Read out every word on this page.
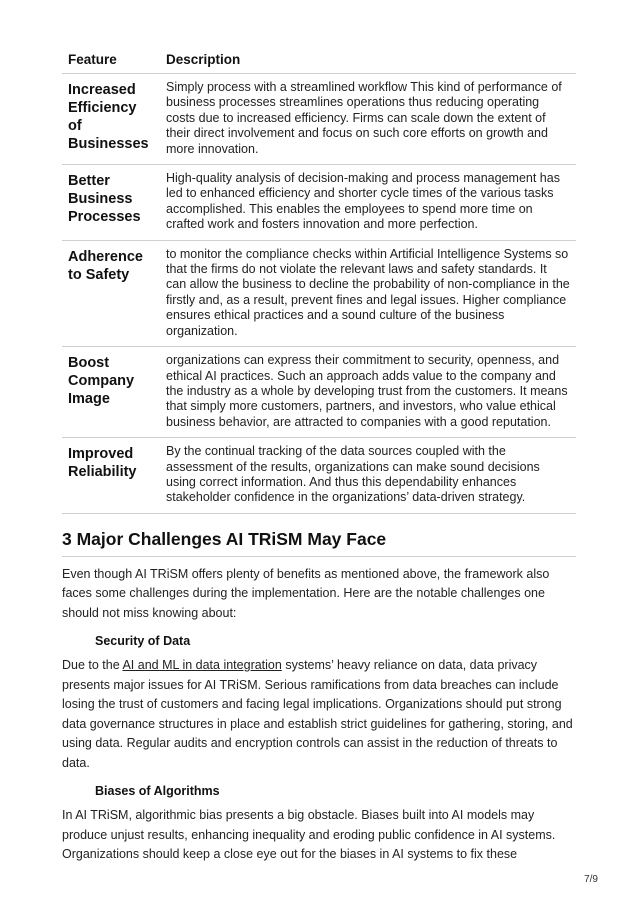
Feature	Description
Increased Efficiency of Businesses	Simply process with a streamlined workflow This kind of performance of business processes streamlines operations thus reducing operating costs due to increased efficiency. Firms can scale down the extent of their direct involvement and focus on such core efforts on growth and more innovation.
Better Business Processes	High-quality analysis of decision-making and process management has led to enhanced efficiency and shorter cycle times of the various tasks accomplished. This enables the employees to spend more time on crafted work and fosters innovation and more perfection.
Adherence to Safety	to monitor the compliance checks within Artificial Intelligence Systems so that the firms do not violate the relevant laws and safety standards. It can allow the business to decline the probability of non-compliance in the firstly and, as a result, prevent fines and legal issues. Higher compliance ensures ethical practices and a sound culture of the business organization.
Boost Company Image	organizations can express their commitment to security, openness, and ethical AI practices. Such an approach adds value to the company and the industry as a whole by developing trust from the customers. It means that simply more customers, partners, and investors, who value ethical business behavior, are attracted to companies with a good reputation.
Improved Reliability	By the continual tracking of the data sources coupled with the assessment of the results, organizations can make sound decisions using correct information. And thus this dependability enhances stakeholder confidence in the organizations’ data-driven strategy.
3 Major Challenges AI TRiSM May Face

Even though AI TRiSM offers plenty of benefits as mentioned above, the framework also faces some challenges during the implementation. Here are the notable challenges one should not miss knowing about:

Security of Data

Due to the AI and ML in data integration systems’ heavy reliance on data, data privacy presents major issues for AI TRiSM. Serious ramifications from data breaches can include losing the trust of customers and facing legal implications. Organizations should put strong data governance structures in place and establish strict guidelines for gathering, storing, and using data. Regular audits and encryption controls can assist in the reduction of threats to data.

Biases of Algorithms

In AI TRiSM, algorithmic bias presents a big obstacle. Biases built into AI models may produce unjust results, enhancing inequality and eroding public confidence in AI systems. Organizations should keep a close eye out for the biases in AI systems to fix these

7/9
